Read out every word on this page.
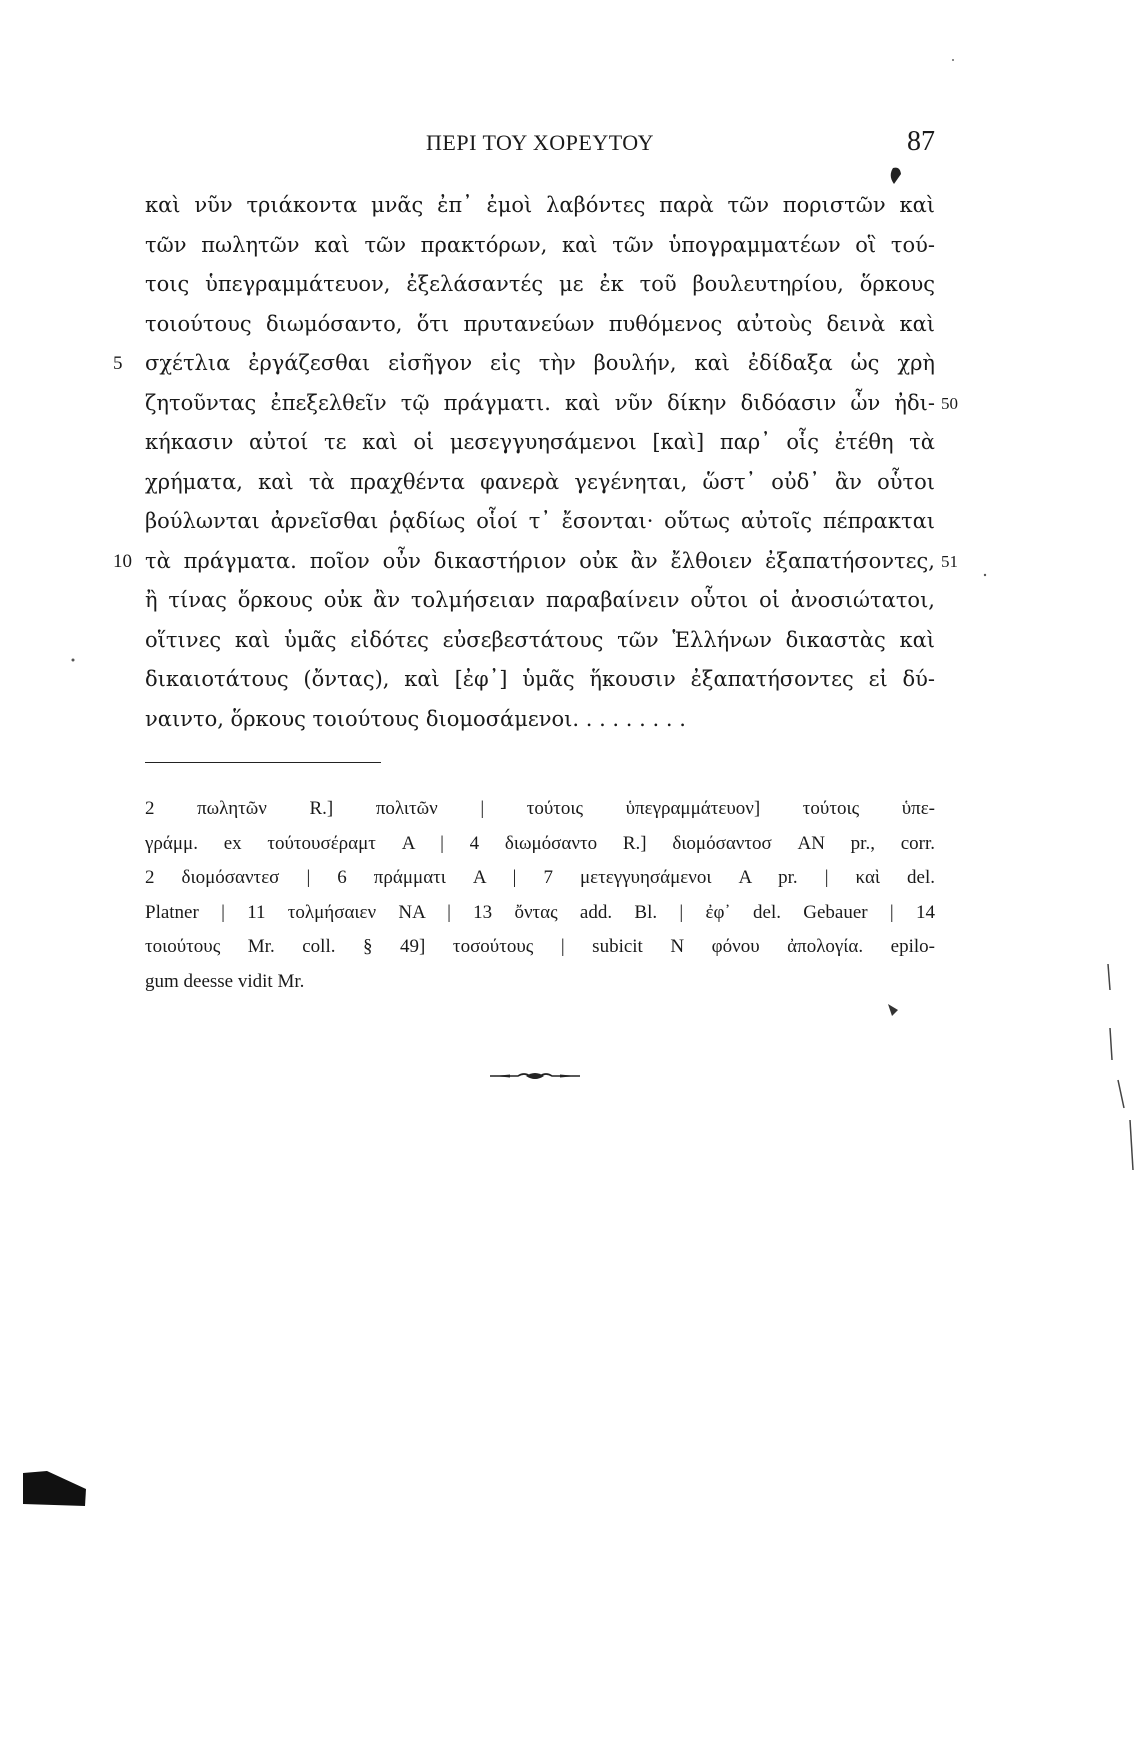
ΠΕΡΙ ΤΟΥ ΧΟΡΕΥΤΟΥ	87
καὶ νῦν τριάκοντα μνᾶς ἐπ᾽ ἐμοὶ λαβόντες παρὰ τῶν ποριστῶν καὶ
τῶν πωλητῶν καὶ τῶν πρακτόρων, καὶ τῶν ὑπογραμματέων οἳ τού-
τοις ὑπεγραμμάτευον, ἐξελάσαντές με ἐκ τοῦ βουλευτηρίου, ὅρκους
τοιούτους διωμόσαντο, ὅτι πρυτανεύων πυθόμενος αὐτοὺς δεινὰ καὶ
σχέτλια ἐργάζεσθαι εἰσῆγον εἰς τὴν βουλήν, καὶ ἐδίδαξα ὡς χρὴ
5
ζητοῦντας ἐπεξελθεῖν τῷ πράγματι. καὶ νῦν δίκην διδόασιν ὧν ἠδι- 50
κήκασιν αὐτοί τε καὶ οἱ μεσεγγυησάμενοι [καὶ] παρ᾽ οἷς ἐτέθη τὰ
χρήματα, καὶ τὰ πραχθέντα φανερὰ γεγένηται, ὥστ᾽ οὐδ᾽ ἂν οὗτοι
βούλωνται ἀρνεῖσθαι ῥᾳδίως οἷοί τ᾽ ἔσονται· οὕτως αὐτοῖς πέπρακται
τὰ πράγματα. ποῖον οὖν δικαστήριον οὐκ ἂν ἔλθοιεν ἐξαπατήσοντες,
10	51
ἢ τίνας ὅρκους οὐκ ἂν τολμήσειαν παραβαίνειν οὗτοι οἱ ἀνοσιώτατοι,
οἵτινες καὶ ὑμᾶς εἰδότες εὐσεβεστάτους τῶν Ἑλλήνων δικαστὰς καὶ
δικαιοτάτους (ὄντας), καὶ [ἐφ᾽] ὑμᾶς ἥκουσιν ἐξαπατήσοντες εἰ δύ-
ναιντο, ὅρκους τοιούτους διομοσάμενοι. . . . . . . . .
2 πωλητῶν R.] πολιτῶν | τούτοις ὑπεγραμμάτευον] τούτοις ὑπε-
γράμμ. ex τούτουσέραμτ A | 4 διωμόσαντο R.] διομόσαντοσ AN pr., corr.
2 διομόσαντεσ | 6 πράμματι A | 7 μετεγγυησάμενοι A pr. | καὶ del.
Platner | 11 τολμήσαιεν NA | 13 ὄντας add. Bl. | ἐφ᾽ del. Gebauer | 14
τοιούτους Mr. coll. § 49] τοσούτους | subicit N φόνου ἀπολογία. epilo-
gum deesse vidit Mr.
